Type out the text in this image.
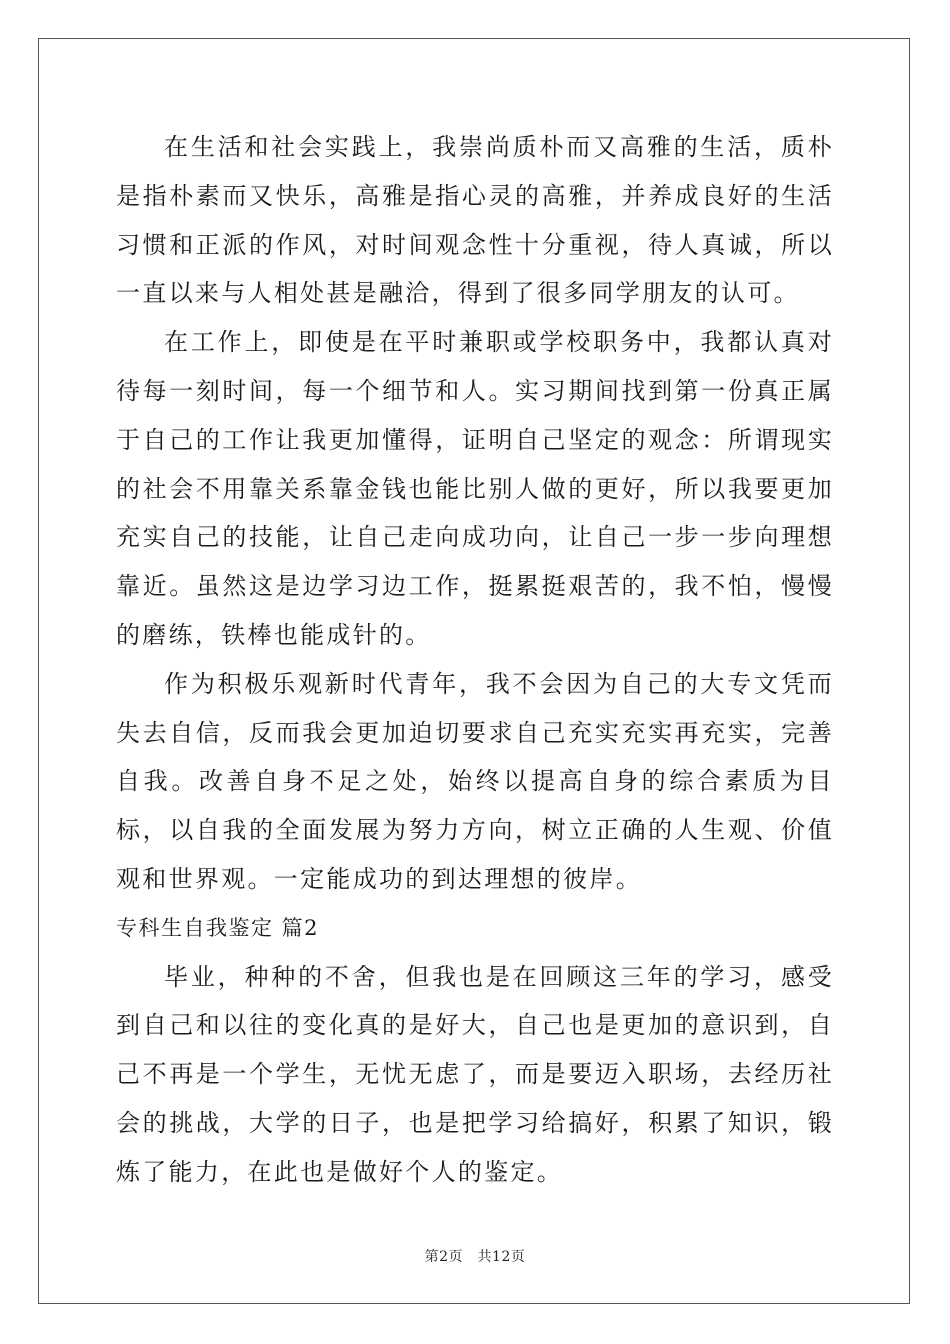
在生活和社会实践上，我崇尚质朴而又高雅的生活，质朴是指朴素而又快乐，高雅是指心灵的高雅，并养成良好的生活习惯和正派的作风，对时间观念性十分重视，待人真诚，所以一直以来与人相处甚是融洽，得到了很多同学朋友的认可。

在工作上，即使是在平时兼职或学校职务中，我都认真对待每一刻时间，每一个细节和人。实习期间找到第一份真正属于自己的工作让我更加懂得，证明自己坚定的观念：所谓现实的社会不用靠关系靠金钱也能比别人做的更好，所以我要更加充实自己的技能，让自己走向成功向，让自己一步一步向理想靠近。虽然这是边学习边工作，挺累挺艰苦的，我不怕，慢慢的磨练，铁棒也能成针的。

作为积极乐观新时代青年，我不会因为自己的大专文凭而失去自信，反而我会更加迫切要求自己充实充实再充实，完善自我。改善自身不足之处，始终以提高自身的综合素质为目标，以自我的全面发展为努力方向，树立正确的人生观、价值观和世界观。一定能成功的到达理想的彼岸。

专科生自我鉴定 篇2

毕业，种种的不舍，但我也是在回顾这三年的学习，感受到自己和以往的变化真的是好大，自己也是更加的意识到，自己不再是一个学生，无忧无虑了，而是要迈入职场，去经历社会的挑战，大学的日子，也是把学习给搞好，积累了知识，锻炼了能力，在此也是做好个人的鉴定。

第2页　共12页
